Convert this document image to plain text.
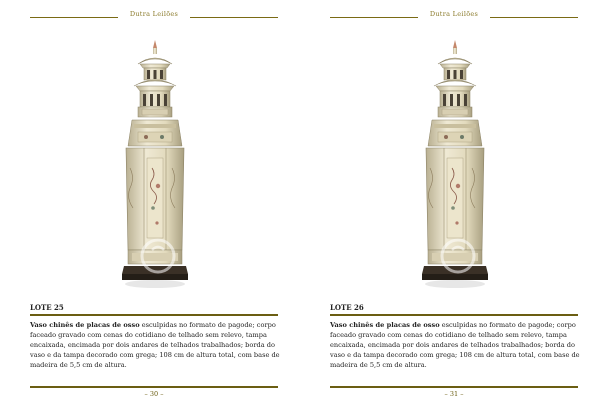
Dutra Leilões
LOTE 25
Vaso chinês de placas de osso esculpidas no formato de pagode; corpo faceado gravado com cenas do cotidiano de telhado sem relevo, tampa encaixada, encimada por dois andares de telhados trabalhados; borda do vaso e da tampa decorado com grega; 108 cm de altura total, com base de madeira de 5,5 cm de altura.
– 30 –
Dutra Leilões
LOTE 26
Vaso chinês de placas de osso esculpidas no formato de pagode; corpo faceado gravado com cenas do cotidiano de telhado sem relevo, tampa encaixada, encimada por dois andares de telhados trabalhados; borda do vaso e da tampa decorado com grega; 108 cm de altura total, com base de madeira de 5,5 cm de altura.
– 31 –
